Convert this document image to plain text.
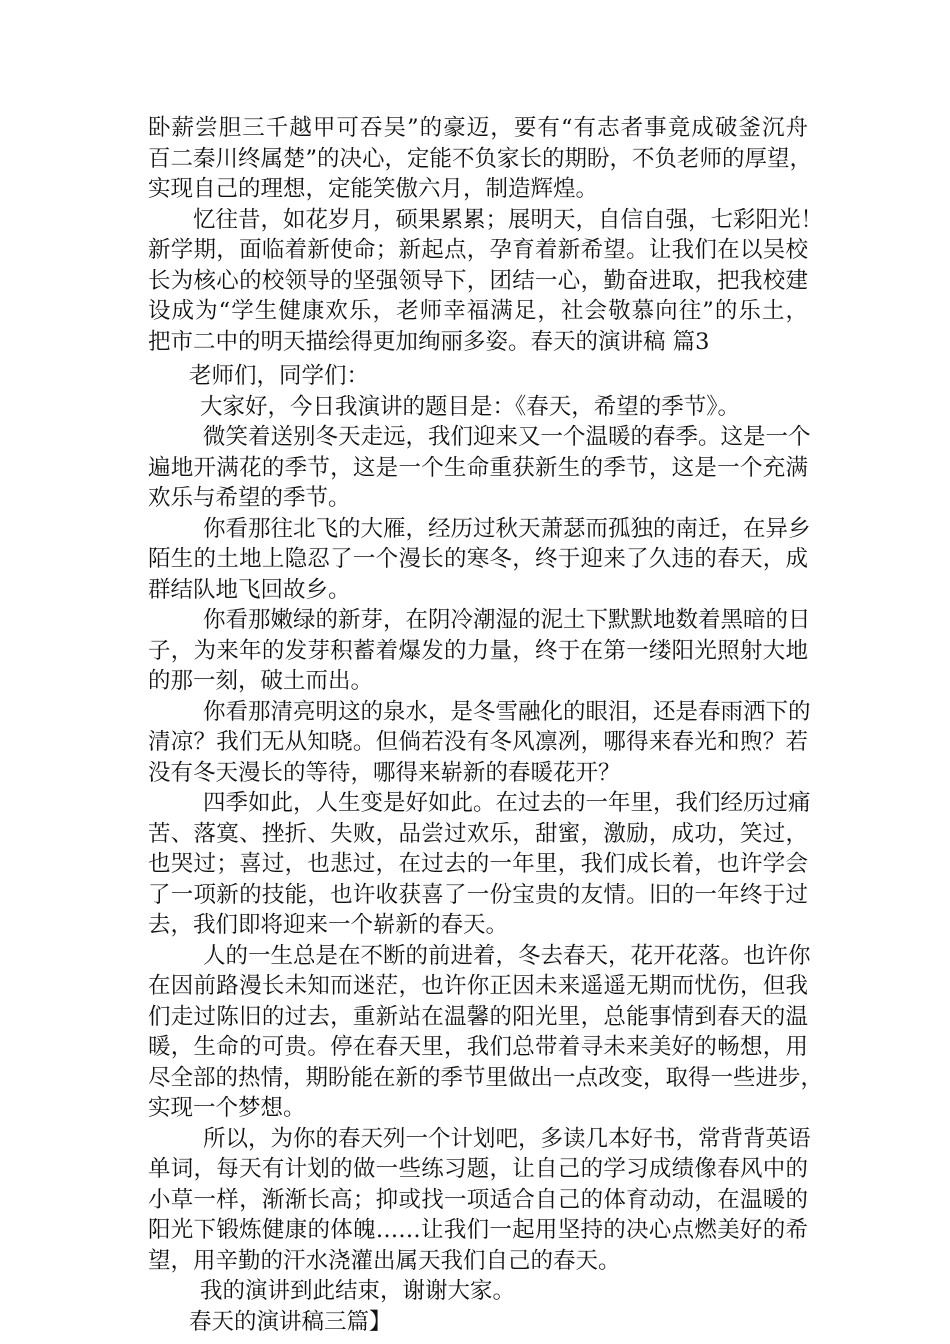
卧薪尝胆三千越甲可吞吴”的豪迈，要有“有志者事竟成破釜沉舟
百二秦川终属楚”的决心，定能不负家长的期盼，不负老师的厚望，
实现自己的理想，定能笑傲六月，制造辉煌。
忆往昔，如花岁月，硕果累累；展明天，自信自强，七彩阳光！
新学期，面临着新使命；新起点，孕育着新希望。让我们在以吴校
长为核心的校领导的坚强领导下，团结一心，勤奋进取，把我校建
设成为“学生健康欢乐，老师幸福满足，社会敬慕向往”的乐土，
把市二中的明天描绘得更加绚丽多姿。春天的演讲稿 篇3
老师们，同学们：
大家好，今日我演讲的题目是：《春天，希望的季节》。
微笑着送别冬天走远，我们迎来又一个温暖的春季。这是一个
遍地开满花的季节，这是一个生命重获新生的季节，这是一个充满
欢乐与希望的季节。
你看那往北飞的大雁，经历过秋天萧瑟而孤独的南迁，在异乡
陌生的土地上隐忍了一个漫长的寒冬，终于迎来了久违的春天，成
群结队地飞回故乡。
你看那嫩绿的新芽，在阴冷潮湿的泥土下默默地数着黑暗的日
子，为来年的发芽积蓄着爆发的力量，终于在第一缕阳光照射大地
的那一刻，破土而出。
你看那清亮明这的泉水，是冬雪融化的眼泪，还是春雨洒下的
清凉？我们无从知晓。但倘若没有冬风凛冽，哪得来春光和煦？若
没有冬天漫长的等待，哪得来崭新的春暖花开？
四季如此，人生变是好如此。在过去的一年里，我们经历过痛
苦、落寞、挫折、失败，品尝过欢乐，甜蜜，激励，成功，笑过，
也哭过；喜过，也悲过，在过去的一年里，我们成长着，也许学会
了一项新的技能，也许收获喜了一份宝贵的友情。旧的一年终于过
去，我们即将迎来一个崭新的春天。
人的一生总是在不断的前进着，冬去春天，花开花落。也许你
在因前路漫长未知而迷茫，也许你正因未来遥遥无期而忧伤，但我
们走过陈旧的过去，重新站在温馨的阳光里，总能事情到春天的温
暖，生命的可贵。停在春天里，我们总带着寻未来美好的畅想，用
尽全部的热情，期盼能在新的季节里做出一点改变，取得一些进步，
实现一个梦想。
所以，为你的春天列一个计划吧，多读几本好书，常背背英语
单词，每天有计划的做一些练习题，让自己的学习成绩像春风中的
小草一样，渐渐长高；抑或找一项适合自己的体育动动，在温暖的
阳光下锻炼健康的体魄……让我们一起用坚持的决心点燃美好的希
望，用辛勤的汗水浇灌出属天我们自己的春天。
我的演讲到此结束，谢谢大家。
春天的演讲稿三篇】
